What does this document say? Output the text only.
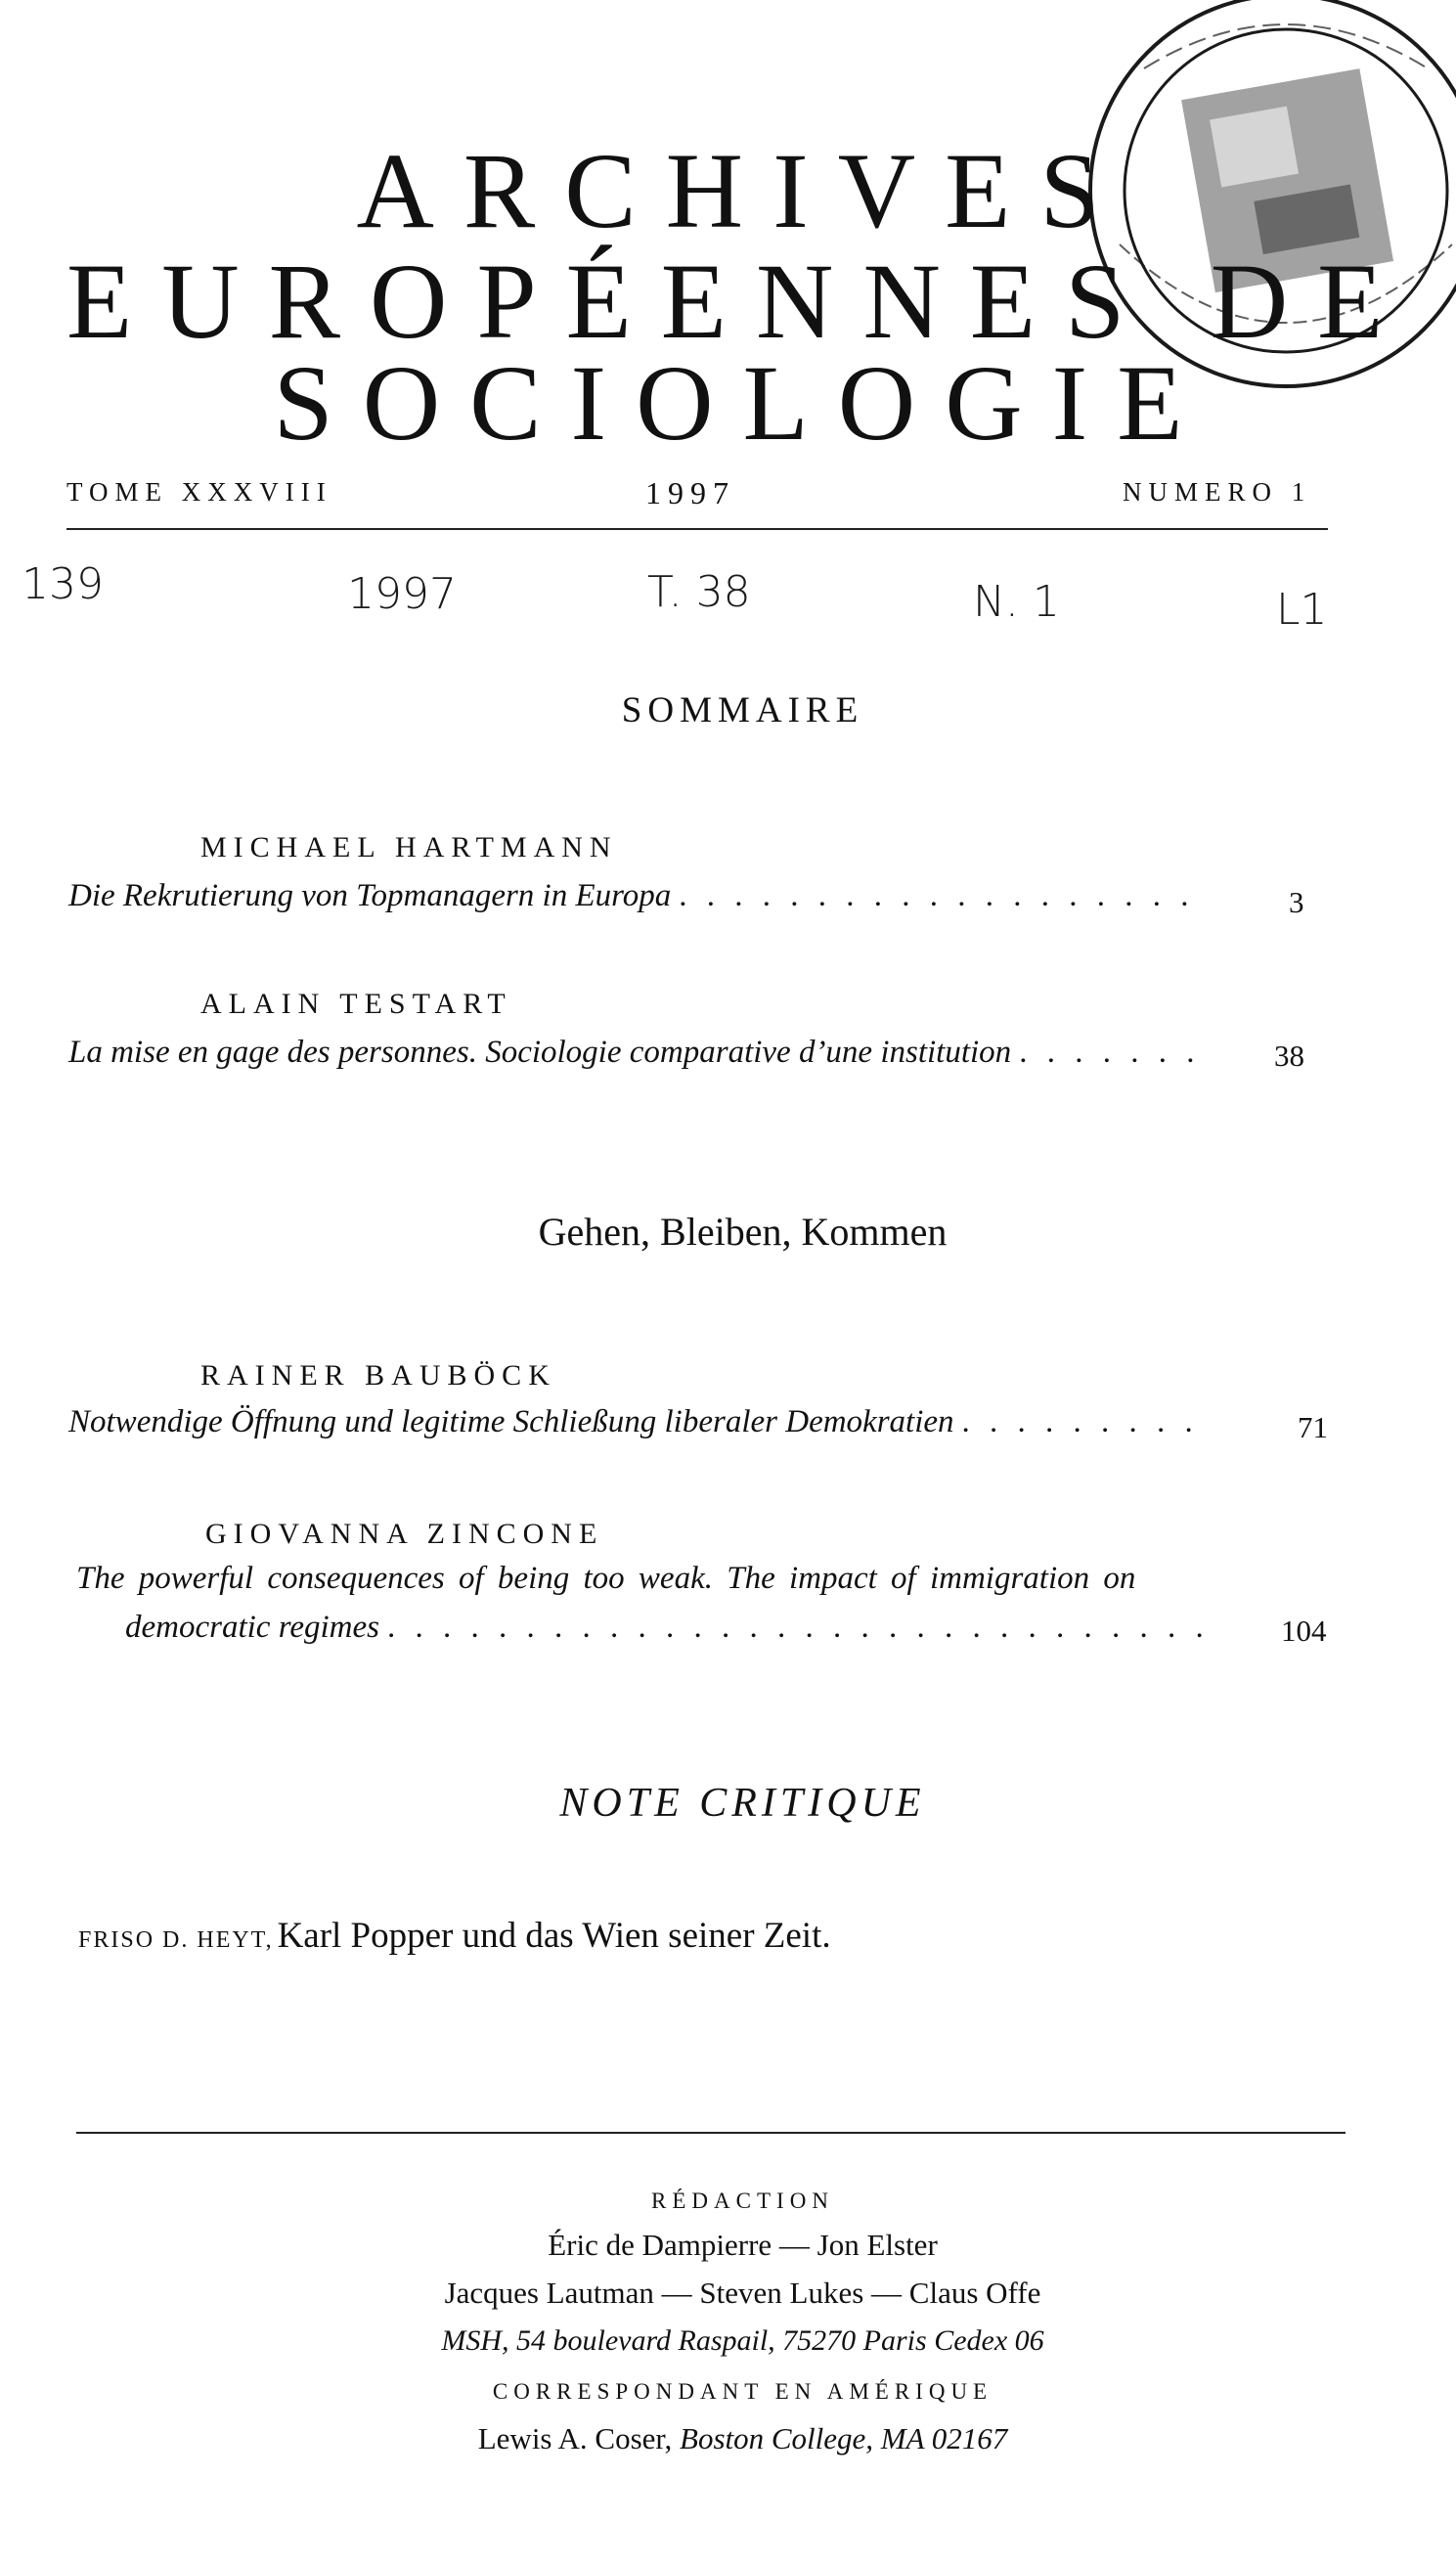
ARCHIVES
EUROPÉENNES DE
SOCIOLOGIE
TOME XXXVIII	1997	NUMERO 1
139	1997	T. 38	N. 1	L1
SOMMAIRE
MICHAEL HARTMANN
Die Rekrutierung von Topmanagern in Europa . . .	3
ALAIN TESTART
La mise en gage des personnes. Sociologie comparative d’une institution . . .	38
Gehen, Bleiben, Kommen
RAINER BAUBÖCK
Notwendige Öffnung und legitime Schließung liberaler Demokratien . . .	71
GIOVANNA ZINCONE
The powerful consequences of being too weak. The impact of immigration on
democratic regimes . . .	104
NOTE CRITIQUE
FRISO D. HEYT, Karl Popper und das Wien seiner Zeit.
RÉDACTION
Éric de Dampierre — Jon Elster
Jacques Lautman — Steven Lukes — Claus Offe
MSH, 54 boulevard Raspail, 75270 Paris Cedex 06
CORRESPONDANT EN AMÉRIQUE
Lewis A. Coser, Boston College, MA 02167
